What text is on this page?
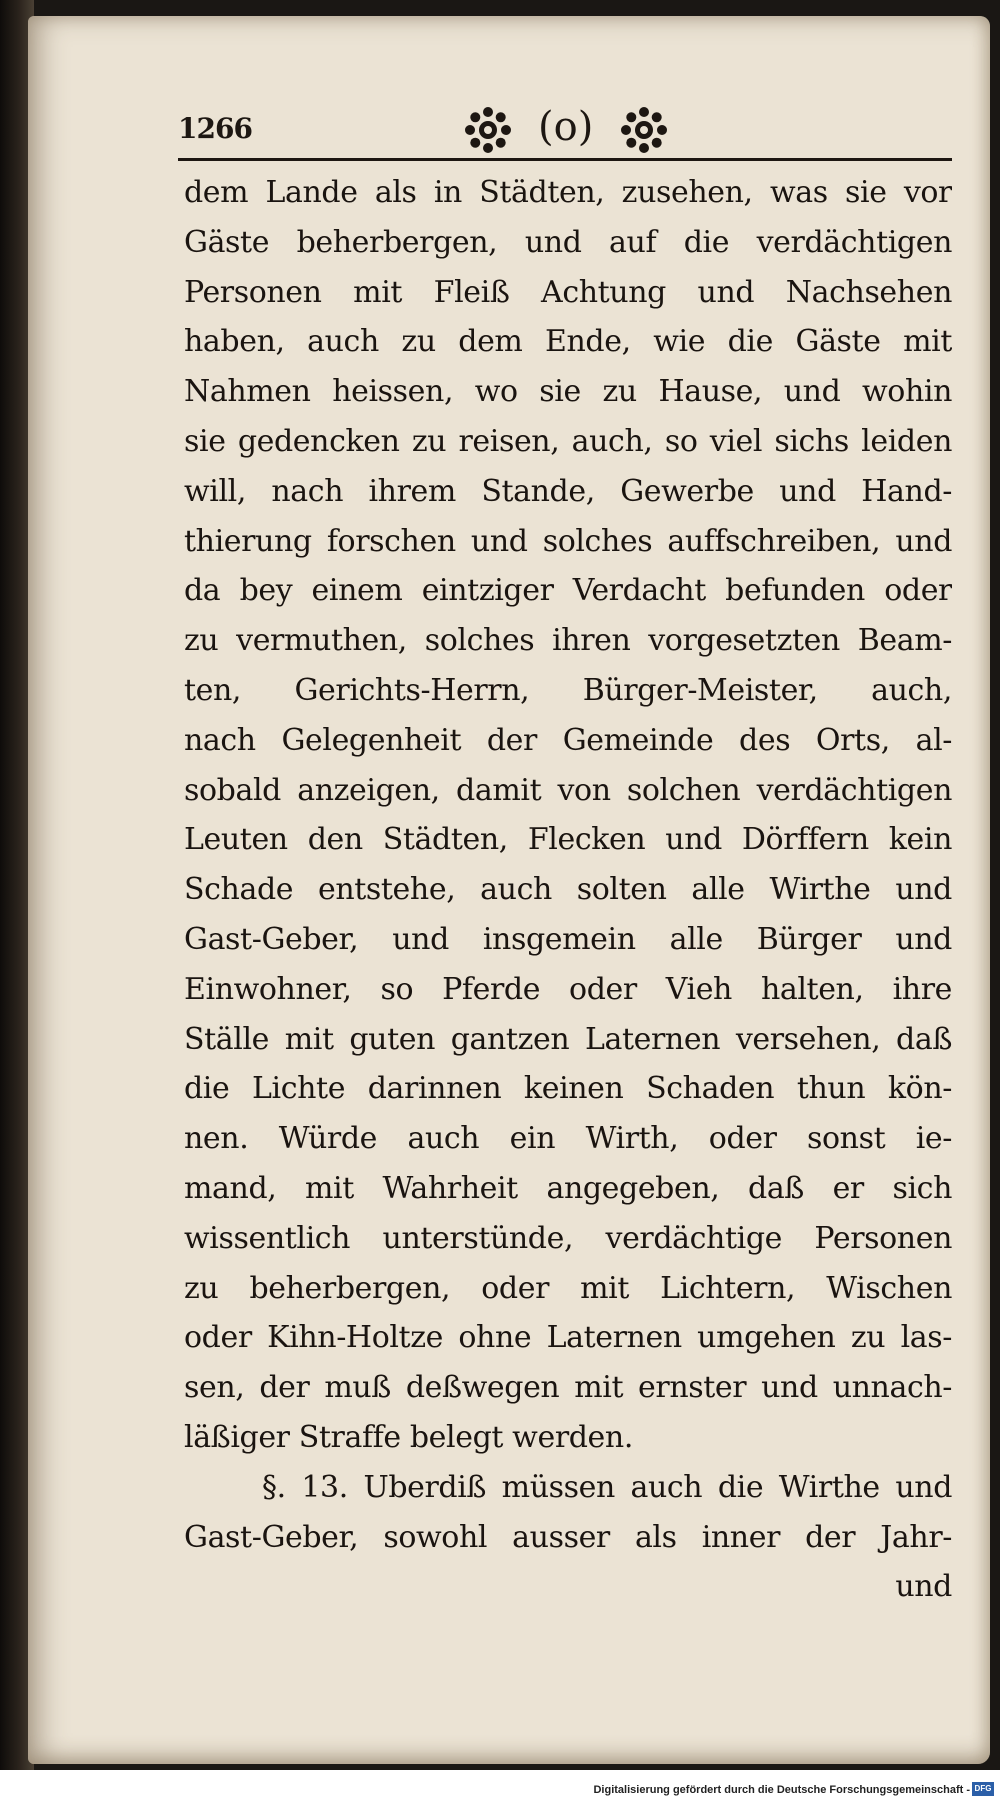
1266	(o)
dem Lande als in Städten, zusehen, was sie vor
Gäste beherbergen, und auf die verdächtigen
Personen mit Fleiß Achtung und Nachsehen
haben, auch zu dem Ende, wie die Gäste mit
Nahmen heissen, wo sie zu Hause, und wohin
sie gedencken zu reisen, auch, so viel sichs leiden
will, nach ihrem Stande, Gewerbe und Hand-
thierung forschen und solches auffschreiben, und
da bey einem eintziger Verdacht befunden oder
zu vermuthen, solches ihren vorgesetzten Beam-
ten, Gerichts-Herrn, Bürger-Meister, auch,
nach Gelegenheit der Gemeinde des Orts, al-
sobald anzeigen, damit von solchen verdächtigen
Leuten den Städten, Flecken und Dörffern kein
Schade entstehe, auch solten alle Wirthe und
Gast-Geber, und insgemein alle Bürger und
Einwohner, so Pferde oder Vieh halten, ihre
Ställe mit guten gantzen Laternen versehen, daß
die Lichte darinnen keinen Schaden thun kön-
nen. Würde auch ein Wirth, oder sonst ie-
mand, mit Wahrheit angegeben, daß er sich
wissentlich unterstünde, verdächtige Personen
zu beherbergen, oder mit Lichtern, Wischen
oder Kihn-Holtze ohne Laternen umgehen zu las-
sen, der muß deßwegen mit ernster und unnach-
läßiger Straffe belegt werden.
§. 13. Uberdiß müssen auch die Wirthe und
Gast-Geber, sowohl ausser als inner der Jahr-
und
Digitalisierung gefördert durch die Deutsche Forschungsgemeinschaft - DFG
